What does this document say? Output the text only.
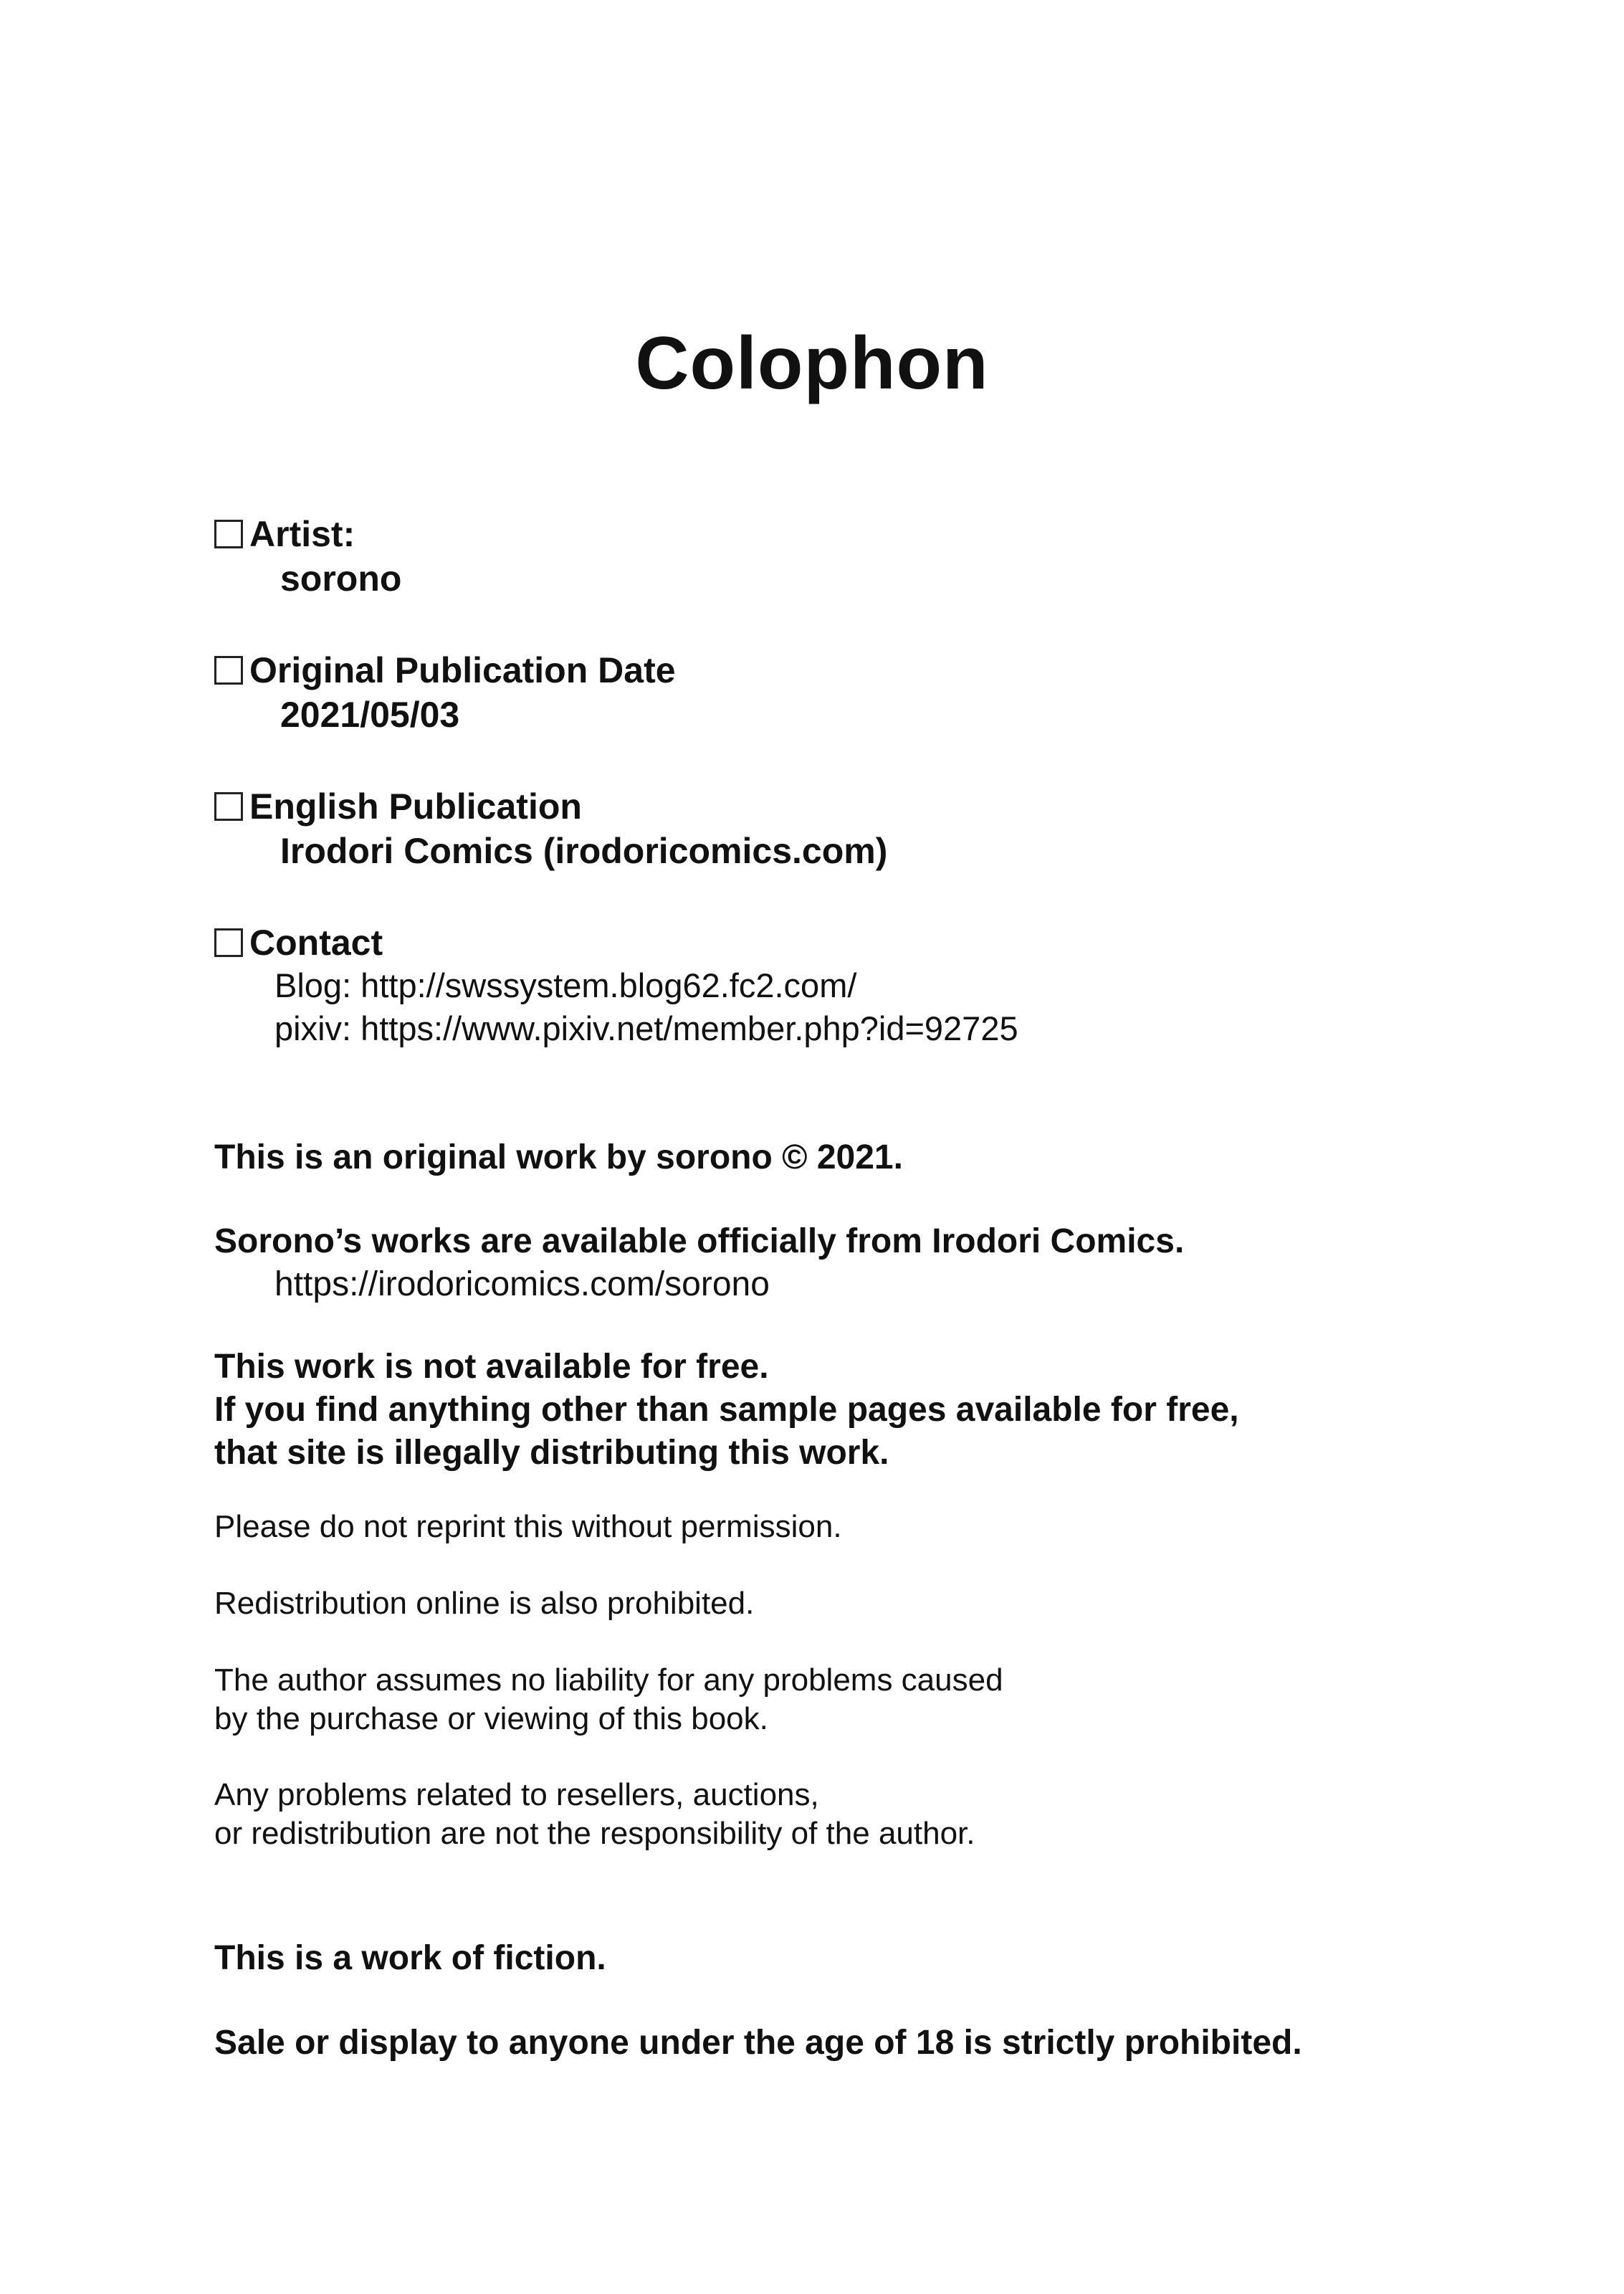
Colophon
Artist:
sorono
Original Publication Date
2021/05/03
English Publication
Irodori Comics (irodoricomics.com)
Contact
Blog: http://swssystem.blog62.fc2.com/
pixiv: https://www.pixiv.net/member.php?id=92725
This is an original work by sorono © 2021.
Sorono’s works are available officially from Irodori Comics.
https://irodoricomics.com/sorono
This work is not available for free.
If you find anything other than sample pages available for free,
that site is illegally distributing this work.
Please do not reprint this without permission.
Redistribution online is also prohibited.
The author assumes no liability for any problems caused
by the purchase or viewing of this book.
Any problems related to resellers, auctions,
or redistribution are not the responsibility of the author.
This is a work of fiction.
Sale or display to anyone under the age of 18 is strictly prohibited.
